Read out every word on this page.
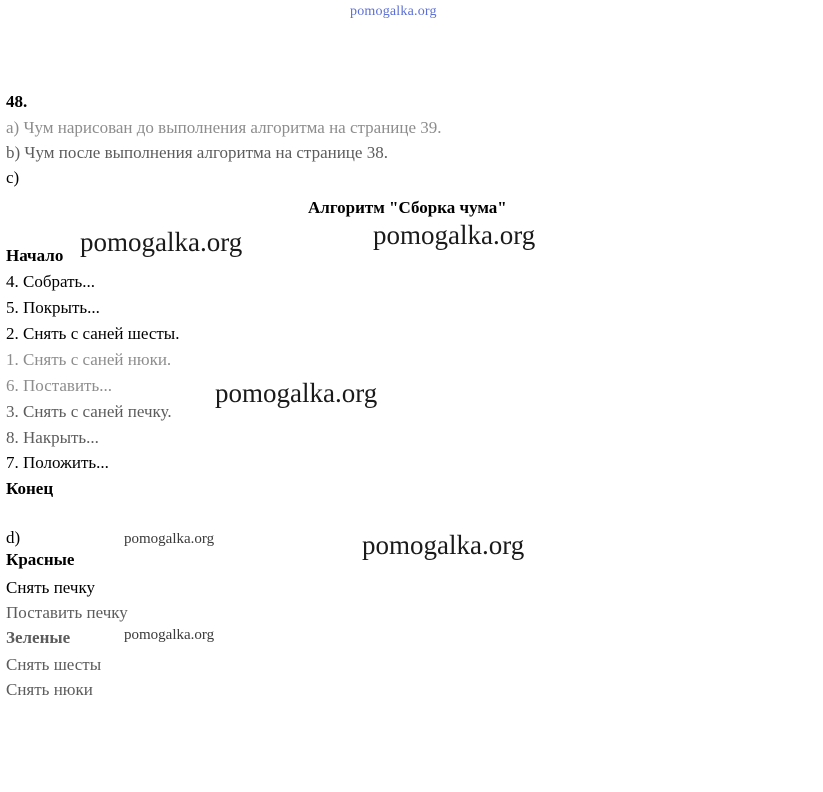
pomogalka.org
48.
a) Чум нарисован до выполнения алгоритма на странице 39.
b) Чум после выполнения алгоритма на странице 38.
c)
Алгоритм "Сборка чума"
Начало
4. Собрать...
5. Покрыть...
2. Снять с саней шесты.
1. Снять с саней нюки.
6. Поставить...
3. Снять с саней печку.
8. Накрыть...
7. Положить...
Конец
d)
Красные
Снять печку
Поставить печку
Зеленые
Снять шесты
Снять нюки
pomogalka.org	pomogalka.org
pomogalka.org
pomogalka.org
pomogalka.org
pomogalka.org
